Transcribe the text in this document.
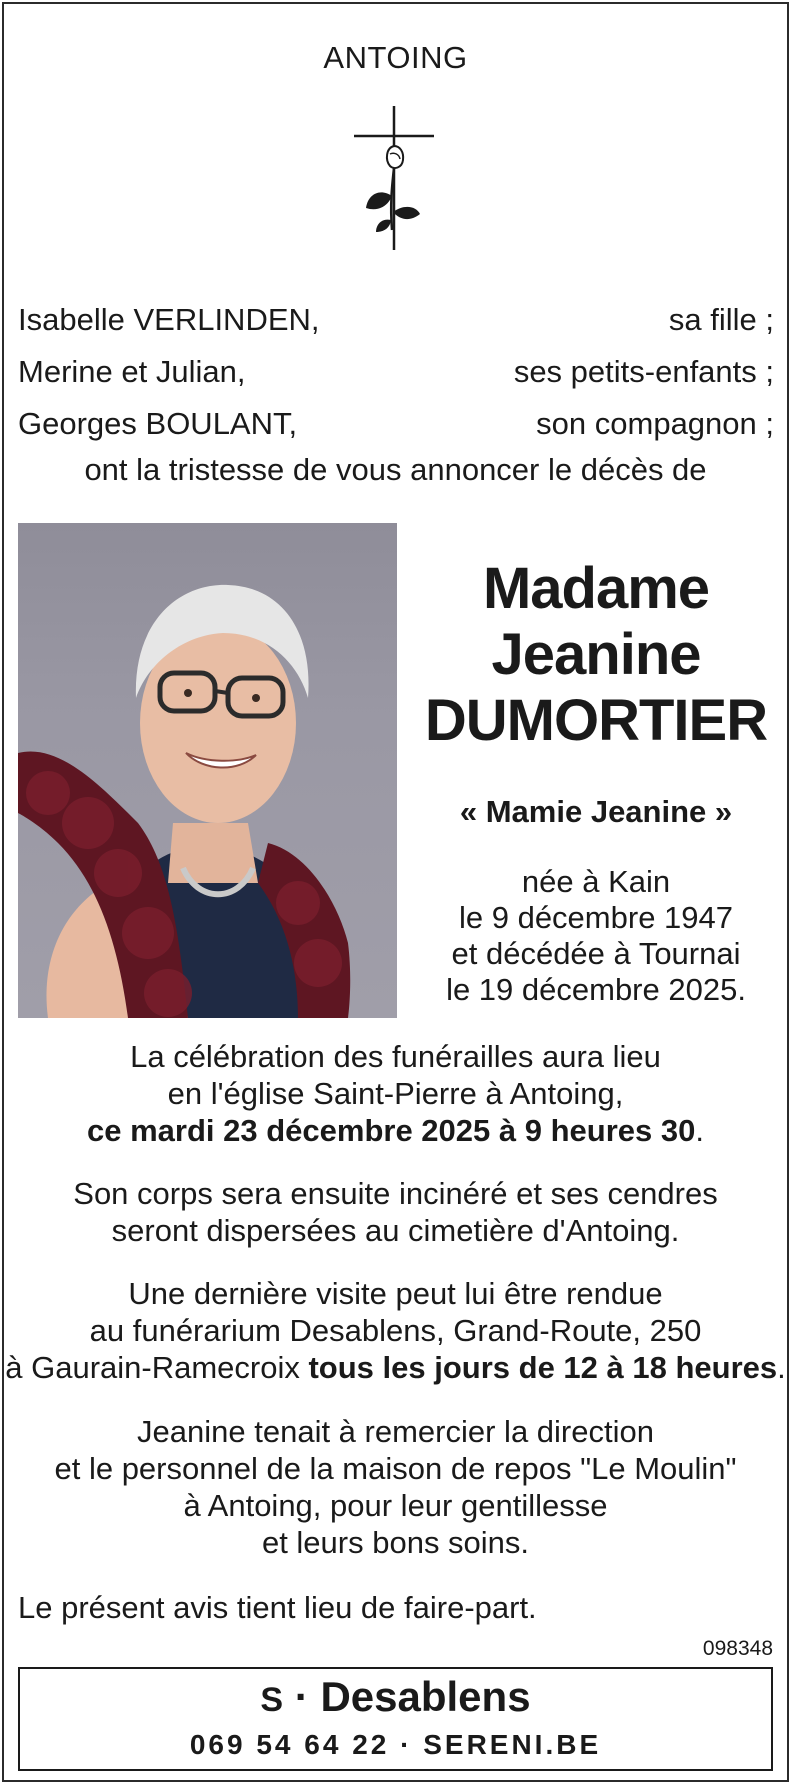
ANTOING
Isabelle VERLINDEN,	sa fille ;
Merine et Julian,	ses petits-enfants ;
Georges BOULANT,	son compagnon ;
ont la tristesse de vous annoncer le décès de
Madame
Jeanine
DUMORTIER
« Mamie Jeanine »
née à Kain
le 9 décembre 1947
et décédée à Tournai
le 19 décembre 2025.
La célébration des funérailles aura lieu
en l'église Saint-Pierre à Antoing,
ce mardi 23 décembre 2025 à 9 heures 30.
Son corps sera ensuite incinéré et ses cendres
seront dispersées au cimetière d'Antoing.
Une dernière visite peut lui être rendue
au funérarium Desablens, Grand-Route, 250
à Gaurain-Ramecroix tous les jours de 12 à 18 heures.
Jeanine tenait à remercier la direction
et le personnel de la maison de repos "Le Moulin"
à Antoing, pour leur gentillesse
et leurs bons soins.
Le présent avis tient lieu de faire-part.
098348
S · Desablens
069 54 64 22 · SERENI.BE
